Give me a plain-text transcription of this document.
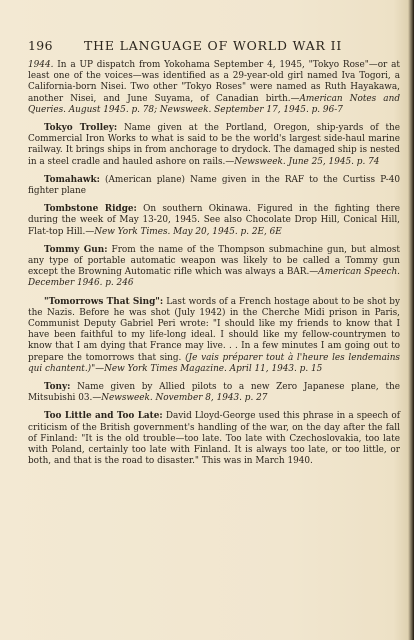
196	THE LANGUAGE OF WORLD WAR II

1944. In a UP dispatch from Yokohama September 4, 1945, "Tokyo Rose"—or at least one of the voices—was identified as a 29-year-old girl named Iva Togori, a California-born Nisei. Two other "Tokyo Roses" were named as Ruth Hayakawa, another Nisei, and June Suyama, of Canadian birth.—American Notes and Queries. August 1945. p. 78; Newsweek. September 17, 1945. p. 96-7

Tokyo Trolley: Name given at the Portland, Oregon, ship-yards of the Commercial Iron Works to what is said to be the world's largest side-haul marine railway. It brings ships in from anchorage to drydock. The damaged ship is nested in a steel cradle and hauled ashore on rails.—Newsweek. June 25, 1945. p. 74

Tomahawk: (American plane) Name given in the RAF to the Curtiss P-40 fighter plane

Tombstone Ridge: On southern Okinawa. Figured in the fighting there during the week of May 13-20, 1945. See also Chocolate Drop Hill, Conical Hill, Flat-top Hill.—New York Times. May 20, 1945. p. 2E, 6E

Tommy Gun: From the name of the Thompson submachine gun, but almost any type of portable automatic weapon was likely to be called a Tommy gun except the Browning Automatic rifle which was always a BAR.—American Speech. December 1946. p. 246

"Tomorrows That Sing": Last words of a French hostage about to be shot by the Nazis. Before he was shot (July 1942) in the Cherche Midi prison in Paris, Communist Deputy Gabriel Peri wrote: "I should like my friends to know that I have been faithful to my life-long ideal. I should like my fellow-countrymen to know that I am dying that France may live. . . In a few minutes I am going out to prepare the tomorrows that sing. (Je vais préparer tout à l'heure les lendemains qui chantent.)"—New York Times Magazine. April 11, 1943. p. 15

Tony: Name given by Allied pilots to a new Zero Japanese plane, the Mitsubishi 03.—Newsweek. November 8, 1943. p. 27

Too Little and Too Late: David Lloyd-George used this phrase in a speech of criticism of the British government's handling of the war, on the day after the fall of Finland: "It is the old trouble—too late. Too late with Czechoslovakia, too late with Poland, certainly too late with Finland. It is always too late, or too little, or both, and that is the road to disaster." This was in March 1940.
